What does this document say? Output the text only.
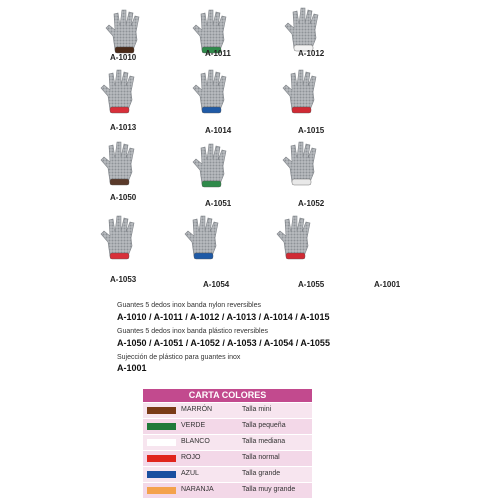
A-1010	A-1011	A-1012
A-1013	A-1014	A-1015
A-1050
A-1051	A-1052
A-1053
A-1054	A-1055	A-1001
Guantes 5 dedos inox banda nylon reversibles
A-1010 / A-1011 / A-1012 / A-1013 / A-1014 / A-1015
Guantes 5 dedos inox banda plástico reversibles
A-1050 / A-1051 / A-1052 / A-1053 / A-1054 / A-1055
Sujección de plástico para guantes inox
A-1001
CARTA COLORES
MARRÓN	Talla mini
VERDE	Talla pequeña
BLANCO	Talla mediana
ROJO	Talla normal
AZUL	Talla grande
NARANJA	Talla muy grande
